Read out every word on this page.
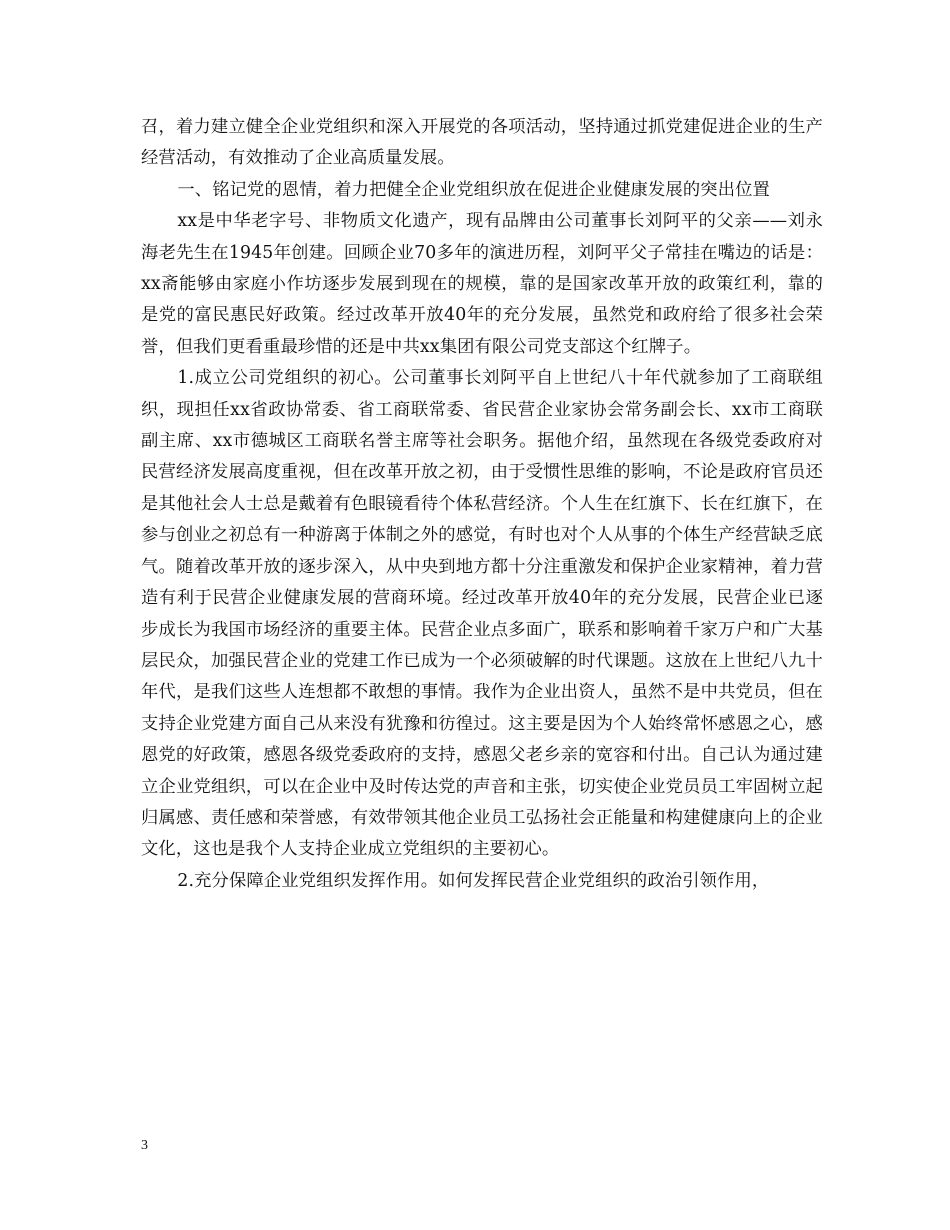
召，着力建立健全企业党组织和深入开展党的各项活动，坚持通过抓党建促进企业的生产经营活动，有效推动了企业高质量发展。

一、铭记党的恩情，着力把健全企业党组织放在促进企业健康发展的突出位置

xx是中华老字号、非物质文化遗产，现有品牌由公司董事长刘阿平的父亲——刘永海老先生在1945年创建。回顾企业70多年的演进历程，刘阿平父子常挂在嘴边的话是：xx斋能够由家庭小作坊逐步发展到现在的规模，靠的是国家改革开放的政策红利，靠的是党的富民惠民好政策。经过改革开放40年的充分发展，虽然党和政府给了很多社会荣誉，但我们更看重最珍惜的还是中共xx集团有限公司党支部这个红牌子。

1.成立公司党组织的初心。公司董事长刘阿平自上世纪八十年代就参加了工商联组织，现担任xx省政协常委、省工商联常委、省民营企业家协会常务副会长、xx市工商联副主席、xx市德城区工商联名誉主席等社会职务。据他介绍，虽然现在各级党委政府对民营经济发展高度重视，但在改革开放之初，由于受惯性思维的影响，不论是政府官员还是其他社会人士总是戴着有色眼镜看待个体私营经济。个人生在红旗下、长在红旗下，在参与创业之初总有一种游离于体制之外的感觉，有时也对个人从事的个体生产经营缺乏底气。随着改革开放的逐步深入，从中央到地方都十分注重激发和保护企业家精神，着力营造有利于民营企业健康发展的营商环境。经过改革开放40年的充分发展，民营企业已逐步成长为我国市场经济的重要主体。民营企业点多面广，联系和影响着千家万户和广大基层民众，加强民营企业的党建工作已成为一个必须破解的时代课题。这放在上世纪八九十年代，是我们这些人连想都不敢想的事情。我作为企业出资人，虽然不是中共党员，但在支持企业党建方面自己从来没有犹豫和彷徨过。这主要是因为个人始终常怀感恩之心，感恩党的好政策，感恩各级党委政府的支持，感恩父老乡亲的宽容和付出。自己认为通过建立企业党组织，可以在企业中及时传达党的声音和主张，切实使企业党员员工牢固树立起归属感、责任感和荣誉感，有效带领其他企业员工弘扬社会正能量和构建健康向上的企业文化，这也是我个人支持企业成立党组织的主要初心。

2.充分保障企业党组织发挥作用。如何发挥民营企业党组织的政治引领作用，

3
